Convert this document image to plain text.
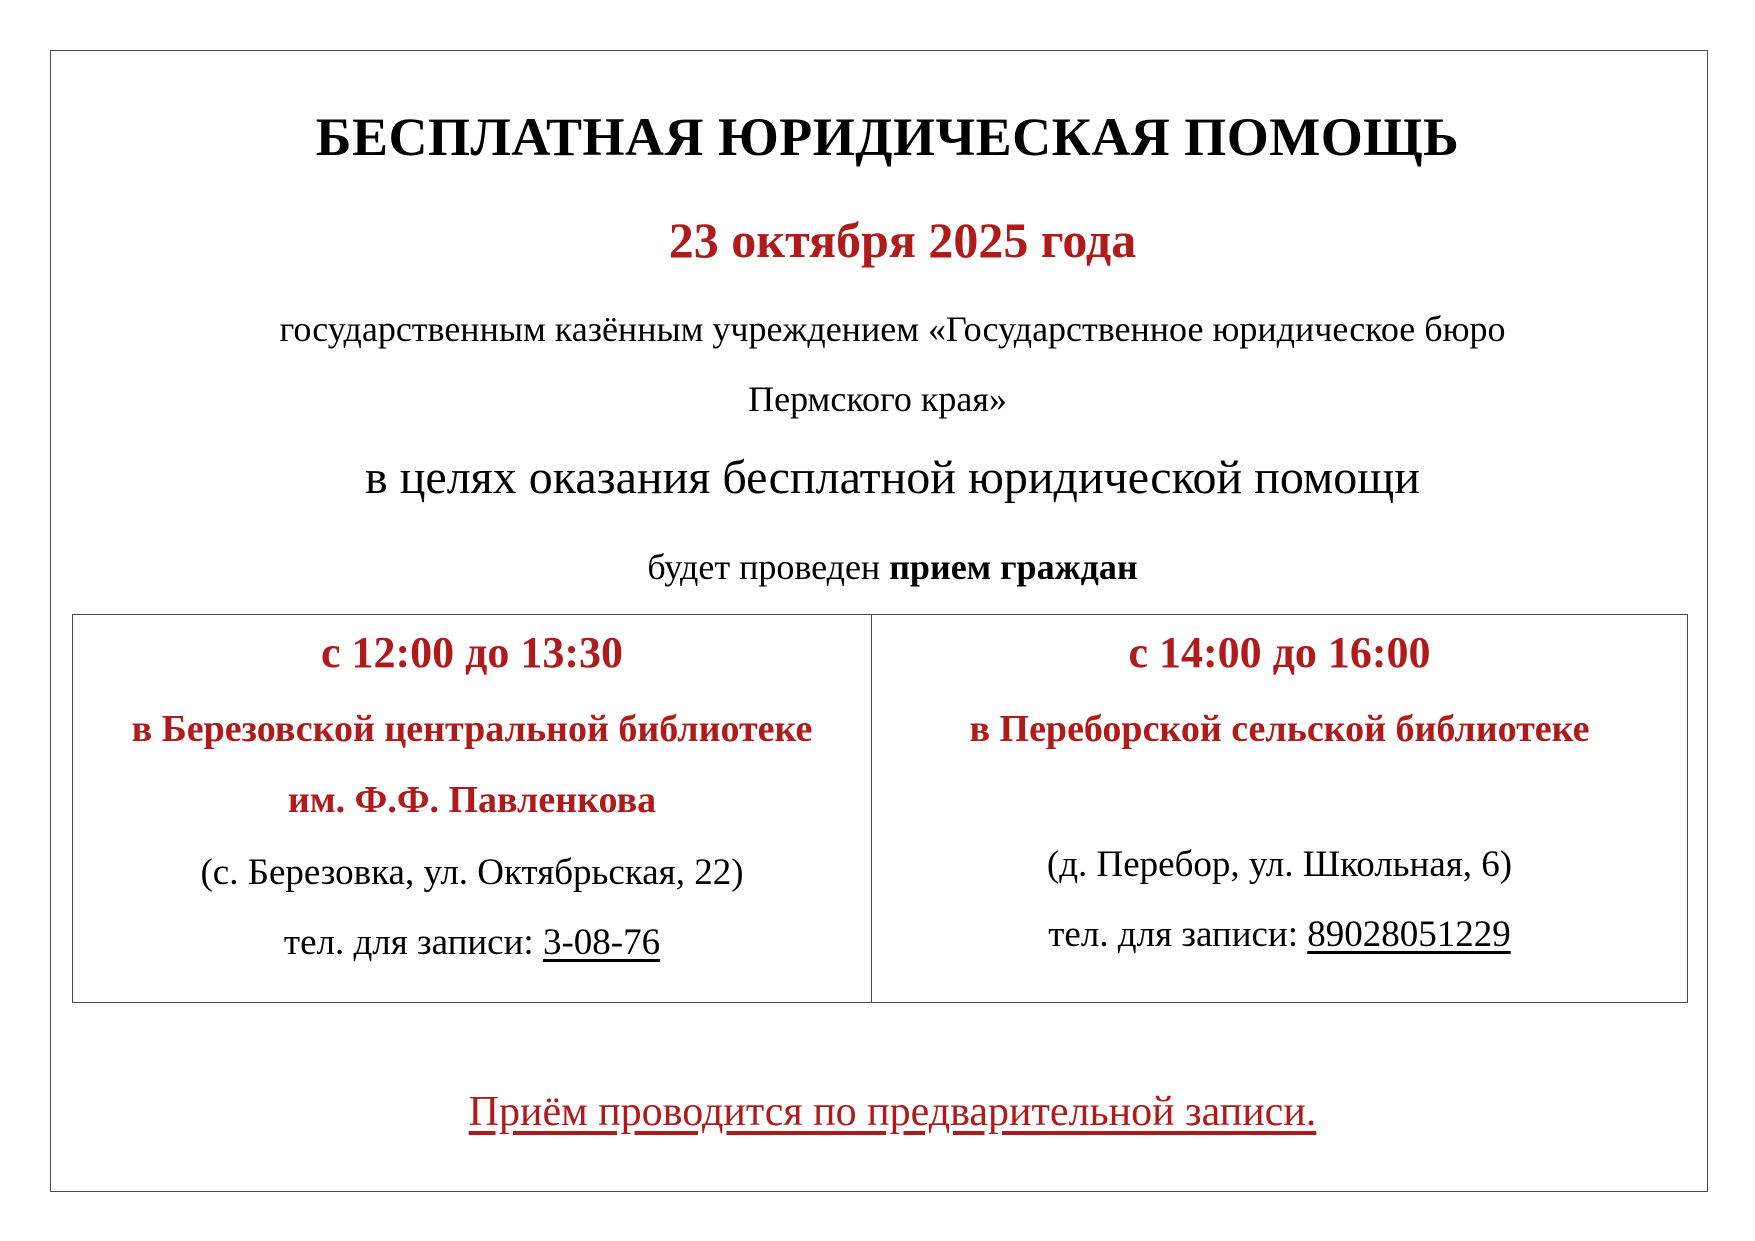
БЕСПЛАТНАЯ ЮРИДИЧЕСКАЯ ПОМОЩЬ
23 октября 2025 года
государственным казённым учреждением «Государственное юридическое бюро
Пермского края»
в целях оказания бесплатной юридической помощи
будет проведен прием граждан
с 12:00 до 13:30
в Березовской центральной библиотеке
им. Ф.Ф. Павленкова
(с. Березовка, ул. Октябрьская, 22)
тел. для записи: 3-08-76
с 14:00 до 16:00
в Переборской сельской библиотеке
(д. Перебор, ул. Школьная, 6)
тел. для записи: 89028051229
Приём проводится по предварительной записи.
